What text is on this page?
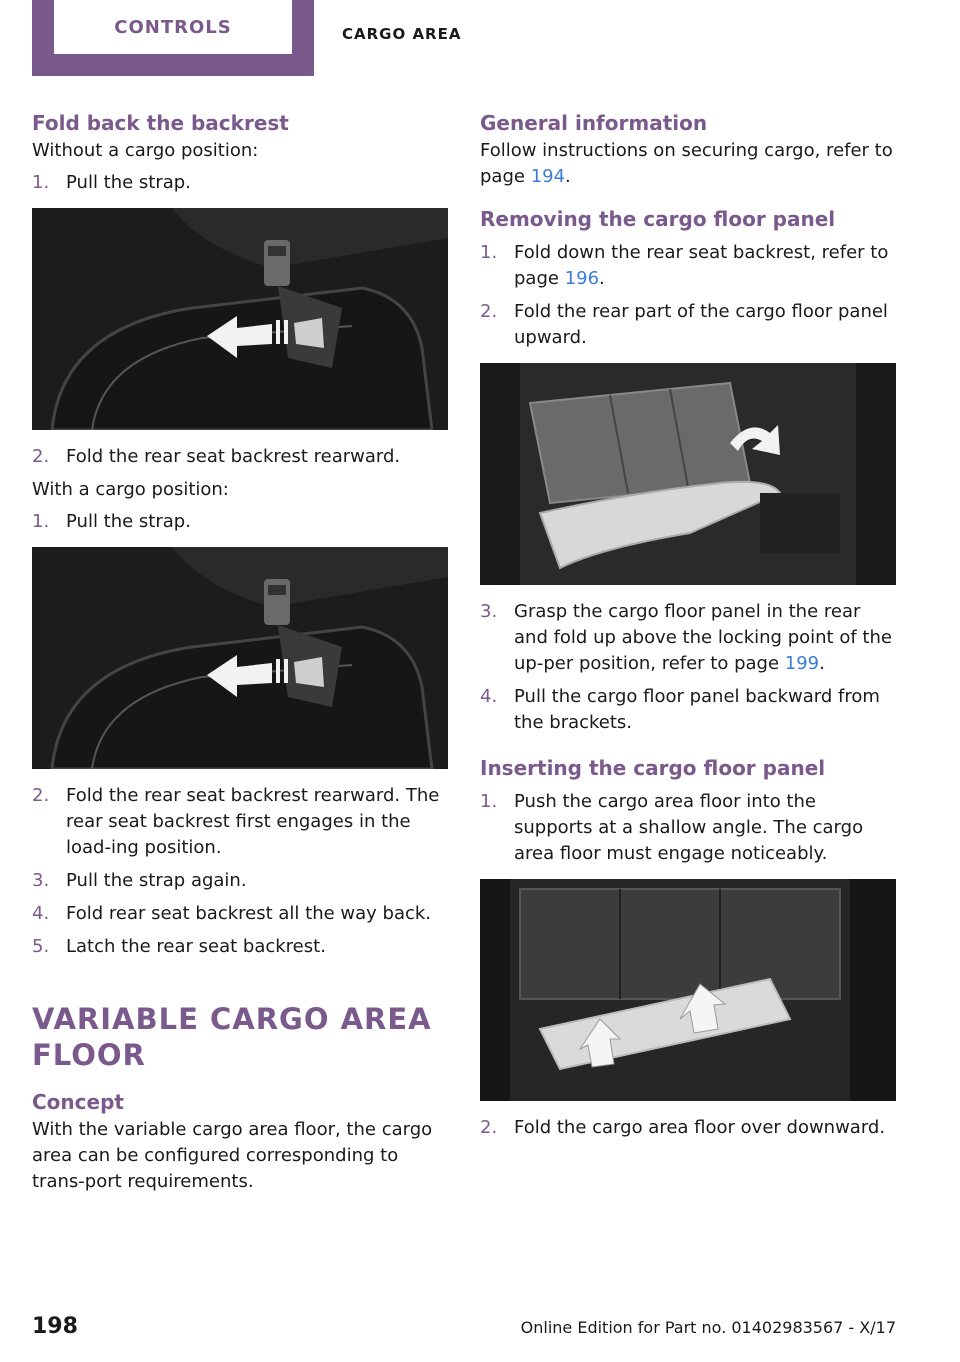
CONTROLS	CARGO AREA
Fold back the backrest

Without a cargo position:

1. Pull the strap.
2. Fold the rear seat backrest rearward.

With a cargo position:

1. Pull the strap.
2. Fold the rear seat backrest rearward. The rear seat backrest first engages in the load-ing position.
3. Pull the strap again.
4. Fold rear seat backrest all the way back.
5. Latch the rear seat backrest.
VARIABLE CARGO AREA FLOOR
Concept

With the variable cargo area floor, the cargo area can be configured corresponding to trans-port requirements.

General information

Follow instructions on securing cargo, refer to page 194.

Removing the cargo floor panel
1. Fold down the rear seat backrest, refer to page 196.
2. Fold the rear part of the cargo floor panel upward.
3. Grasp the cargo floor panel in the rear and fold up above the locking point of the up-per position, refer to page 199.
4. Pull the cargo floor panel backward from the brackets.
Inserting the cargo floor panel
1. Push the cargo area floor into the supports at a shallow angle. The cargo area floor must engage noticeably.
2. Fold the cargo area floor over downward.
198	Online Edition for Part no. 01402983567 - X/17
